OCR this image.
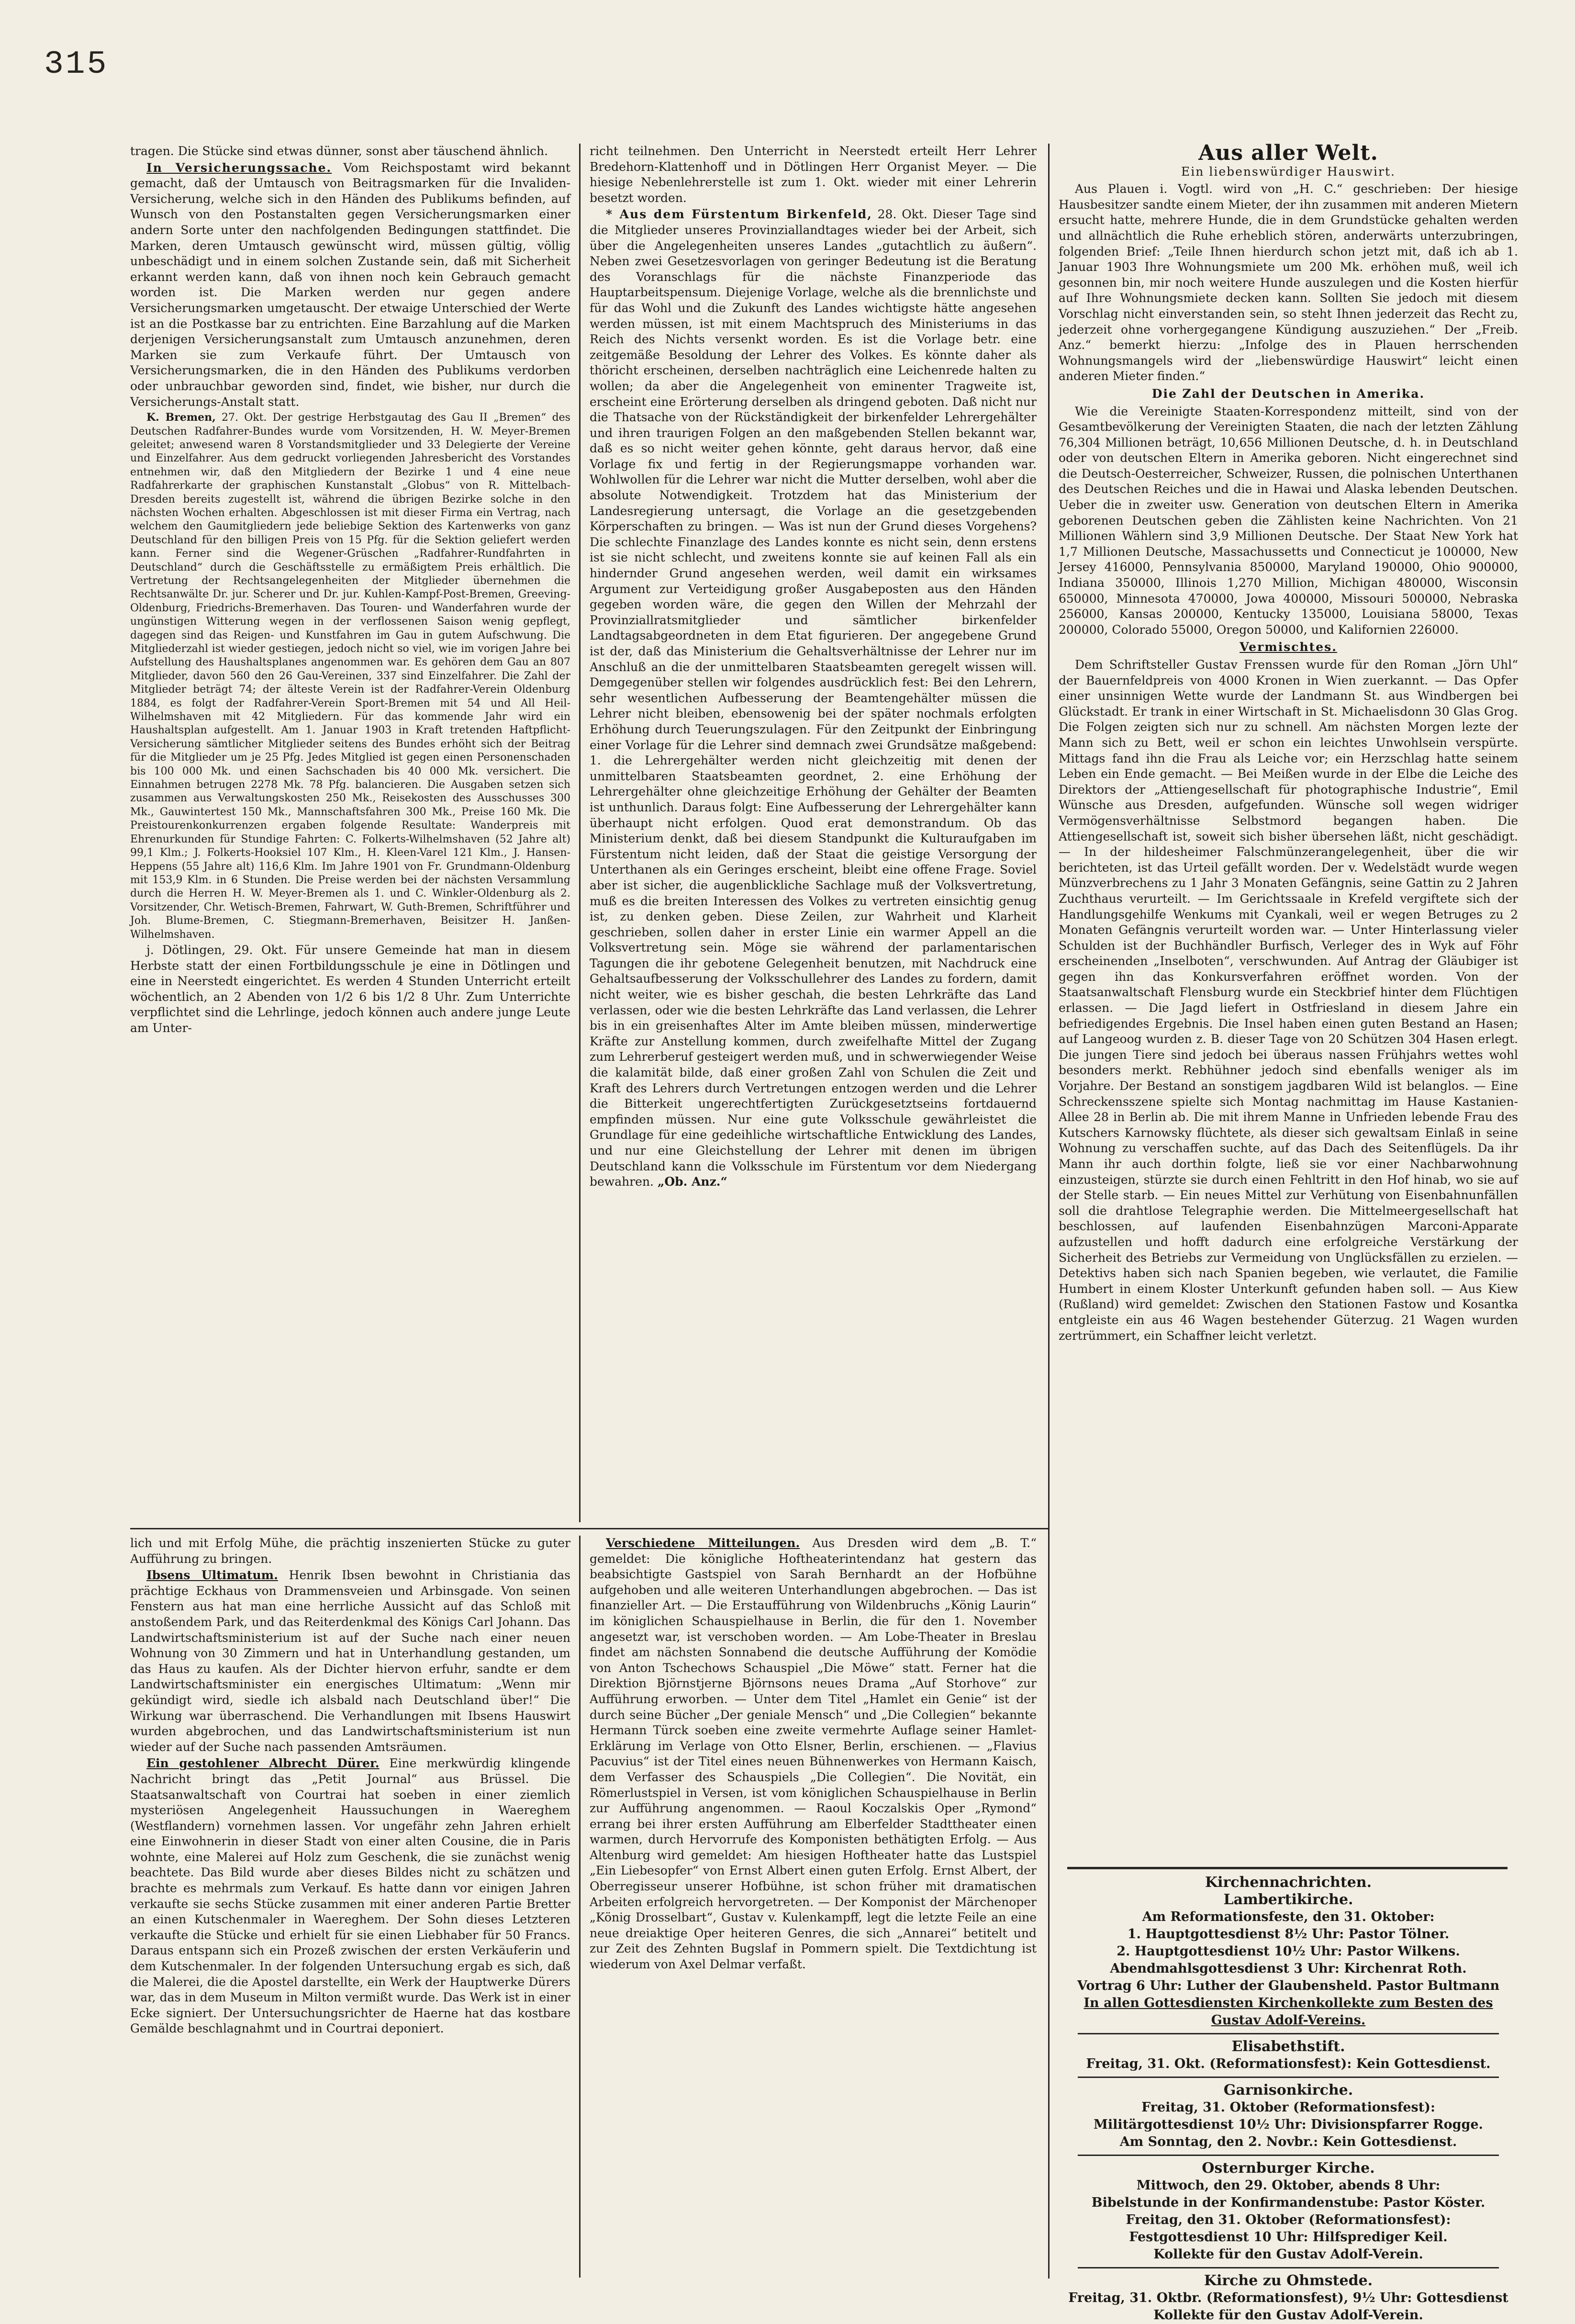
315

tragen. Die Stücke sind etwas dünner, sonst aber täuschend ähnlich.

In Versicherungssache. Vom Reichspostamt wird bekannt gemacht, daß der Umtausch von Beitragsmarken für die Invaliden-Versicherung, welche sich in den Händen des Publikums befinden, auf Wunsch von den Postanstalten gegen Versicherungsmarken einer andern Sorte unter den nachfolgenden Bedingungen stattfindet. Die Marken, deren Umtausch gewünscht wird, müssen gültig, völlig unbeschädigt und in einem solchen Zustande sein, daß mit Sicherheit erkannt werden kann, daß von ihnen noch kein Gebrauch gemacht worden ist. Die Marken werden nur gegen andere Versicherungsmarken umgetauscht. Der etwaige Unterschied der Werte ist an die Postkasse bar zu entrichten. Eine Barzahlung auf die Marken derjenigen Versicherungsanstalt zum Umtausch anzunehmen, deren Marken sie zum Verkaufe führt. Der Umtausch von Versicherungsmarken, die in den Händen des Publikums verdorben oder unbrauchbar geworden sind, findet, wie bisher, nur durch die Versicherungs-Anstalt statt.

K. Bremen, 27. Okt. Der gestrige Herbstgautag des Gau II „Bremen“ des Deutschen Radfahrer-Bundes wurde vom Vorsitzenden, H. W. Meyer-Bremen geleitet; anwesend waren 8 Vorstandsmitglieder und 33 Delegierte der Vereine und Einzelfahrer. Aus dem gedruckt vorliegenden Jahresbericht des Vorstandes entnehmen wir, daß den Mitgliedern der Bezirke 1 und 4 eine neue Radfahrerkarte der graphischen Kunstanstalt „Globus“ von R. Mittelbach-Dresden bereits zugestellt ist, während die übrigen Bezirke solche in den nächsten Wochen erhalten. Abgeschlossen ist mit dieser Firma ein Vertrag, nach welchem den Gaumitgliedern jede beliebige Sektion des Kartenwerks von ganz Deutschland für den billigen Preis von 15 Pfg. für die Sektion geliefert werden kann. Ferner sind die Wegener-Grüschen „Radfahrer-Rundfahrten in Deutschland“ durch die Geschäftsstelle zu ermäßigtem Preis erhältlich. Die Vertretung der Rechtsangelegenheiten der Mitglieder übernehmen die Rechtsanwälte Dr. jur. Scherer und Dr. jur. Kuhlen-Kampf-Post-Bremen, Greeving-Oldenburg, Friedrichs-Bremerhaven. Das Touren- und Wanderfahren wurde der ungünstigen Witterung wegen in der verflossenen Saison wenig gepflegt, dagegen sind das Reigen- und Kunstfahren im Gau in gutem Aufschwung. Die Mitgliederzahl ist wieder gestiegen, jedoch nicht so viel, wie im vorigen Jahre bei Aufstellung des Haushaltsplanes angenommen war. Es gehören dem Gau an 807 Mitglieder, davon 560 den 26 Gau-Vereinen, 337 sind Einzelfahrer. Die Zahl der Mitglieder beträgt 74; der älteste Verein ist der Radfahrer-Verein Oldenburg 1884, es folgt der Radfahrer-Verein Sport-Bremen mit 54 und All Heil-Wilhelmshaven mit 42 Mitgliedern. Für das kommende Jahr wird ein Haushaltsplan aufgestellt. Am 1. Januar 1903 in Kraft tretenden Haftpflicht-Versicherung sämtlicher Mitglieder seitens des Bundes erhöht sich der Beitrag für die Mitglieder um je 25 Pfg. Jedes Mitglied ist gegen einen Personenschaden bis 100 000 Mk. und einen Sachschaden bis 40 000 Mk. versichert. Die Einnahmen betrugen 2278 Mk. 78 Pfg. balancieren. Die Ausgaben setzen sich zusammen aus Verwaltungskosten 250 Mk., Reisekosten des Ausschusses 300 Mk., Gauwintertest 150 Mk., Mannschaftsfahren 300 Mk., Preise 160 Mk. Die Preistourenkonkurrenzen ergaben folgende Resultate: Wanderpreis mit Ehrenurkunden für Stundige Fahrten: C. Folkerts-Wilhelmshaven (52 Jahre alt) 99,1 Klm.; J. Folkerts-Hooksiel 107 Klm., H. Kleen-Varel 121 Klm., J. Hansen-Heppens (55 Jahre alt) 116,6 Klm. Im Jahre 1901 von Fr. Grundmann-Oldenburg mit 153,9 Klm. in 6 Stunden. Die Preise werden bei der nächsten Versammlung durch die Herren H. W. Meyer-Bremen als 1. und C. Winkler-Oldenburg als 2. Vorsitzender, Chr. Wetisch-Bremen, Fahrwart, W. Guth-Bremen, Schriftführer und Joh. Blume-Bremen, C. Stiegmann-Bremerhaven, Beisitzer H. Janßen-Wilhelmshaven.

j. Dötlingen, 29. Okt. Für unsere Gemeinde hat man in diesem Herbste statt der einen Fortbildungsschule je eine in Dötlingen und eine in Neerstedt eingerichtet. Es werden 4 Stunden Unterricht erteilt wöchentlich, an 2 Abenden von 1/2 6 bis 1/2 8 Uhr. Zum Unterrichte verpflichtet sind die Lehrlinge, jedoch können auch andere junge Leute am Unter-

richt teilnehmen. Den Unterricht in Neerstedt erteilt Herr Lehrer Bredehorn-Klattenhoff und in Dötlingen Herr Organist Meyer. — Die hiesige Nebenlehrerstelle ist zum 1. Okt. wieder mit einer Lehrerin besetzt worden.

* Aus dem Fürstentum Birkenfeld, 28. Okt. Dieser Tage sind die Mitglieder unseres Provinziallandtages wieder bei der Arbeit, sich über die Angelegenheiten unseres Landes „gutachtlich zu äußern“. Neben zwei Gesetzesvorlagen von geringer Bedeutung ist die Beratung des Voranschlags für die nächste Finanzperiode das Hauptarbeitspensum. Diejenige Vorlage, welche als die brennlichste und für das Wohl und die Zukunft des Landes wichtigste hätte angesehen werden müssen, ist mit einem Machtspruch des Ministeriums in das Reich des Nichts versenkt worden. Es ist die Vorlage betr. eine zeitgemäße Besoldung der Lehrer des Volkes. Es könnte daher als thöricht erscheinen, derselben nachträglich eine Leichenrede halten zu wollen; da aber die Angelegenheit von eminenter Tragweite ist, erscheint eine Erörterung derselben als dringend geboten. Daß nicht nur die Thatsache von der Rückständigkeit der birkenfelder Lehrergehälter und ihren traurigen Folgen an den maßgebenden Stellen bekannt war, daß es so nicht weiter gehen könnte, geht daraus hervor, daß eine Vorlage fix und fertig in der Regierungsmappe vorhanden war. Wohlwollen für die Lehrer war nicht die Mutter derselben, wohl aber die absolute Notwendigkeit. Trotzdem hat das Ministerium der Landesregierung untersagt, die Vorlage an die gesetzgebenden Körperschaften zu bringen. — Was ist nun der Grund dieses Vorgehens? Die schlechte Finanzlage des Landes konnte es nicht sein, denn erstens ist sie nicht schlecht, und zweitens konnte sie auf keinen Fall als ein hindernder Grund angesehen werden, weil damit ein wirksames Argument zur Verteidigung großer Ausgabeposten aus den Händen gegeben worden wäre, die gegen den Willen der Mehrzahl der Provinziallratsmitglieder und sämtlicher birkenfelder Landtagsabgeordneten in dem Etat figurieren. Der angegebene Grund ist der, daß das Ministerium die Gehaltsverhältnisse der Lehrer nur im Anschluß an die der unmittelbaren Staatsbeamten geregelt wissen will. Demgegenüber stellen wir folgendes ausdrücklich fest: Bei den Lehrern, sehr wesentlichen Aufbesserung der Beamtengehälter müssen die Lehrer nicht bleiben, ebensowenig bei der später nochmals erfolgten Erhöhung durch Teuerungszulagen. Für den Zeitpunkt der Einbringung einer Vorlage für die Lehrer sind demnach zwei Grundsätze maßgebend: 1. die Lehrergehälter werden nicht gleichzeitig mit denen der unmittelbaren Staatsbeamten geordnet, 2. eine Erhöhung der Lehrergehälter ohne gleichzeitige Erhöhung der Gehälter der Beamten ist unthunlich. Daraus folgt: Eine Aufbesserung der Lehrergehälter kann überhaupt nicht erfolgen. Quod erat demonstrandum. Ob das Ministerium denkt, daß bei diesem Standpunkt die Kulturaufgaben im Fürstentum nicht leiden, daß der Staat die geistige Versorgung der Unterthanen als ein Geringes erscheint, bleibt eine offene Frage. Soviel aber ist sicher, die augenblickliche Sachlage muß der Volksvertretung, muß es die breiten Interessen des Volkes zu vertreten einsichtig genug ist, zu denken geben. Diese Zeilen, zur Wahrheit und Klarheit geschrieben, sollen daher in erster Linie ein warmer Appell an die Volksvertretung sein. Möge sie während der parlamentarischen Tagungen die ihr gebotene Gelegenheit benutzen, mit Nachdruck eine Gehaltsaufbesserung der Volksschullehrer des Landes zu fordern, damit nicht weiter, wie es bisher geschah, die besten Lehrkräfte das Land verlassen, oder wie die besten Lehrkräfte das Land verlassen, die Lehrer bis in ein greisenhaftes Alter im Amte bleiben müssen, minderwertige Kräfte zur Anstellung kommen, durch zweifelhafte Mittel der Zugang zum Lehrerberuf gesteigert werden muß, und in schwerwiegender Weise die kalamität bilde, daß einer großen Zahl von Schulen die Zeit und Kraft des Lehrers durch Vertretungen entzogen werden und die Lehrer die Bitterkeit ungerechtfertigten Zurückgesetztseins fortdauernd empfinden müssen. Nur eine gute Volksschule gewährleistet die Grundlage für eine gedeihliche wirtschaftliche Entwicklung des Landes, und nur eine Gleichstellung der Lehrer mit denen im übrigen Deutschland kann die Volksschule im Fürstentum vor dem Niedergang bewahren. „Ob. Anz.“

Aus aller Welt.

Ein liebenswürdiger Hauswirt.

Aus Plauen i. Vogtl. wird von „H. C.“ geschrieben: Der hiesige Hausbesitzer sandte einem Mieter, der ihn zusammen mit anderen Mietern ersucht hatte, mehrere Hunde, die in dem Grundstücke gehalten werden und allnächtlich die Ruhe erheblich stören, anderwärts unterzubringen, folgenden Brief: „Teile Ihnen hierdurch schon jetzt mit, daß ich ab 1. Januar 1903 Ihre Wohnungsmiete um 200 Mk. erhöhen muß, weil ich gesonnen bin, mir noch weitere Hunde auszulegen und die Kosten hierfür auf Ihre Wohnungsmiete decken kann. Sollten Sie jedoch mit diesem Vorschlag nicht einverstanden sein, so steht Ihnen jederzeit das Recht zu, jederzeit ohne vorhergegangene Kündigung auszuziehen.“ Der „Freib. Anz.“ bemerkt hierzu: „Infolge des in Plauen herrschenden Wohnungsmangels wird der „liebenswürdige Hauswirt“ leicht einen anderen Mieter finden.“

Die Zahl der Deutschen in Amerika.

Wie die Vereinigte Staaten-Korrespondenz mitteilt, sind von der Gesamtbevölkerung der Vereinigten Staaten, die nach der letzten Zählung 76,304 Millionen beträgt, 10,656 Millionen Deutsche, d. h. in Deutschland oder von deutschen Eltern in Amerika geboren. Nicht eingerechnet sind die Deutsch-Oesterreicher, Schweizer, Russen, die polnischen Unterthanen des Deutschen Reiches und die in Hawai und Alaska lebenden Deutschen. Ueber die in zweiter usw. Generation von deutschen Eltern in Amerika geborenen Deutschen geben die Zählisten keine Nachrichten. Von 21 Millionen Wählern sind 3,9 Millionen Deutsche. Der Staat New York hat 1,7 Millionen Deutsche, Massachussetts und Connecticut je 100000, New Jersey 416000, Pennsylvania 850000, Maryland 190000, Ohio 900000, Indiana 350000, Illinois 1,270 Million, Michigan 480000, Wisconsin 650000, Minnesota 470000, Jowa 400000, Missouri 500000, Nebraska 256000, Kansas 200000, Kentucky 135000, Louisiana 58000, Texas 200000, Colorado 55000, Oregon 50000, und Kalifornien 226000.

Vermischtes.

Dem Schriftsteller Gustav Frenssen wurde für den Roman „Jörn Uhl“ der Bauernfeldpreis von 4000 Kronen in Wien zuerkannt. — Das Opfer einer unsinnigen Wette wurde der Landmann St. aus Windbergen bei Glückstadt. Er trank in einer Wirtschaft in St. Michaelisdonn 30 Glas Grog. Die Folgen zeigten sich nur zu schnell. Am nächsten Morgen lezte der Mann sich zu Bett, weil er schon ein leichtes Unwohlsein verspürte. Mittags fand ihn die Frau als Leiche vor; ein Herzschlag hatte seinem Leben ein Ende gemacht. — Bei Meißen wurde in der Elbe die Leiche des Direktors der „Attiengesellschaft für photographische Industrie“, Emil Wünsche aus Dresden, aufgefunden. Wünsche soll wegen widriger Vermögensverhältnisse Selbstmord begangen haben. Die Attiengesellschaft ist, soweit sich bisher übersehen läßt, nicht geschädigt. — In der hildesheimer Falschmünzerangelegenheit, über die wir berichteten, ist das Urteil gefällt worden. Der v. Wedelstädt wurde wegen Münzverbrechens zu 1 Jahr 3 Monaten Gefängnis, seine Gattin zu 2 Jahren Zuchthaus verurteilt. — Im Gerichtssaale in Krefeld vergiftete sich der Handlungsgehilfe Wenkums mit Cyankali, weil er wegen Betruges zu 2 Monaten Gefängnis verurteilt worden war. — Unter Hinterlassung vieler Schulden ist der Buchhändler Burfisch, Verleger des in Wyk auf Föhr erscheinenden „Inselboten“, verschwunden. Auf Antrag der Gläubiger ist gegen ihn das Konkursverfahren eröffnet worden. Von der Staatsanwaltschaft Flensburg wurde ein Steckbrief hinter dem Flüchtigen erlassen. — Die Jagd liefert in Ostfriesland in diesem Jahre ein befriedigendes Ergebnis. Die Insel haben einen guten Bestand an Hasen; auf Langeoog wurden z. B. dieser Tage von 20 Schützen 304 Hasen erlegt. Die jungen Tiere sind jedoch bei überaus nassen Frühjahrs wettes wohl besonders merkt. Rebhühner jedoch sind ebenfalls weniger als im Vorjahre. Der Bestand an sonstigem jagdbaren Wild ist belanglos. — Eine Schreckensszene spielte sich Montag nachmittag im Hause Kastanien-Allee 28 in Berlin ab. Die mit ihrem Manne in Unfrieden lebende Frau des Kutschers Karnowsky flüchtete, als dieser sich gewaltsam Einlaß in seine Wohnung zu verschaffen suchte, auf das Dach des Seitenflügels. Da ihr Mann ihr auch dorthin folgte, ließ sie vor einer Nachbarwohnung einzusteigen, stürzte sie durch einen Fehltritt in den Hof hinab, wo sie auf der Stelle starb. — Ein neues Mittel zur Verhütung von Eisenbahnunfällen soll die drahtlose Telegraphie werden. Die Mittelmeergesellschaft hat beschlossen, auf laufenden Eisenbahnzügen Marconi-Apparate aufzustellen und hofft dadurch eine erfolgreiche Verstärkung der Sicherheit des Betriebs zur Vermeidung von Unglücksfällen zu erzielen. — Detektivs haben sich nach Spanien begeben, wie verlautet, die Familie Humbert in einem Kloster Unterkunft gefunden haben soll. — Aus Kiew (Rußland) wird gemeldet: Zwischen den Stationen Fastow und Kosantka entgleiste ein aus 46 Wagen bestehender Güterzug. 21 Wagen wurden zertrümmert, ein Schaffner leicht verletzt.

lich und mit Erfolg Mühe, die prächtig inszenierten Stücke zu guter Aufführung zu bringen.

Ibsens Ultimatum. Henrik Ibsen bewohnt in Christiania das prächtige Eckhaus von Drammensveien und Arbinsgade. Von seinen Fenstern aus hat man eine herrliche Aussicht auf das Schloß mit anstoßendem Park, und das Reiterdenkmal des Königs Carl Johann. Das Landwirtschaftsministerium ist auf der Suche nach einer neuen Wohnung von 30 Zimmern und hat in Unterhandlung gestanden, um das Haus zu kaufen. Als der Dichter hiervon erfuhr, sandte er dem Landwirtschaftsminister ein energisches Ultimatum: „Wenn mir gekündigt wird, siedle ich alsbald nach Deutschland über!“ Die Wirkung war überraschend. Die Verhandlungen mit Ibsens Hauswirt wurden abgebrochen, und das Landwirtschaftsministerium ist nun wieder auf der Suche nach passenden Amtsräumen.

Ein gestohlener Albrecht Dürer. Eine merkwürdig klingende Nachricht bringt das „Petit Journal“ aus Brüssel. Die Staatsanwaltschaft von Courtrai hat soeben in einer ziemlich mysteriösen Angelegenheit Haussuchungen in Waereghem (Westflandern) vornehmen lassen. Vor ungefähr zehn Jahren erhielt eine Einwohnerin in dieser Stadt von einer alten Cousine, die in Paris wohnte, eine Malerei auf Holz zum Geschenk, die sie zunächst wenig beachtete. Das Bild wurde aber dieses Bildes nicht zu schätzen und brachte es mehrmals zum Verkauf. Es hatte dann vor einigen Jahren verkaufte sie sechs Stücke zusammen mit einer anderen Partie Bretter an einen Kutschenmaler in Waereghem. Der Sohn dieses Letzteren verkaufte die Stücke und erhielt für sie einen Liebhaber für 50 Francs. Daraus entspann sich ein Prozeß zwischen der ersten Verkäuferin und dem Kutschenmaler. In der folgenden Untersuchung ergab es sich, daß die Malerei, die die Apostel darstellte, ein Werk der Hauptwerke Dürers war, das in dem Museum in Milton vermißt wurde. Das Werk ist in einer Ecke signiert. Der Untersuchungsrichter de Haerne hat das kostbare Gemälde beschlagnahmt und in Courtrai deponiert.

Verschiedene Mitteilungen. Aus Dresden wird dem „B. T.“ gemeldet: Die königliche Hoftheaterintendanz hat gestern das beabsichtigte Gastspiel von Sarah Bernhardt an der Hofbühne aufgehoben und alle weiteren Unterhandlungen abgebrochen. — Das ist finanzieller Art. — Die Erstaufführung von Wildenbruchs „König Laurin“ im königlichen Schauspielhause in Berlin, die für den 1. November angesetzt war, ist verschoben worden. — Am Lobe-Theater in Breslau findet am nächsten Sonnabend die deutsche Aufführung der Komödie von Anton Tschechows Schauspiel „Die Möwe“ statt. Ferner hat die Direktion Björnstjerne Björnsons neues Drama „Auf Storhove“ zur Aufführung erworben. — Unter dem Titel „Hamlet ein Genie“ ist der durch seine Bücher „Der geniale Mensch“ und „Die Collegien“ bekannte Hermann Türck soeben eine zweite vermehrte Auflage seiner Hamlet-Erklärung im Verlage von Otto Elsner, Berlin, erschienen. — „Flavius Pacuvius“ ist der Titel eines neuen Bühnenwerkes von Hermann Kaisch, dem Verfasser des Schauspiels „Die Collegien“. Die Novität, ein Römerlustspiel in Versen, ist vom königlichen Schauspielhause in Berlin zur Aufführung angenommen. — Raoul Koczalskis Oper „Rymond“ errang bei ihrer ersten Aufführung am Elberfelder Stadttheater einen warmen, durch Hervorrufe des Komponisten bethätigten Erfolg. — Aus Altenburg wird gemeldet: Am hiesigen Hoftheater hatte das Lustspiel „Ein Liebesopfer“ von Ernst Albert einen guten Erfolg. Ernst Albert, der Oberregisseur unserer Hofbühne, ist schon früher mit dramatischen Arbeiten erfolgreich hervorgetreten. — Der Komponist der Märchenoper „König Drosselbart“, Gustav v. Kulenkampff, legt die letzte Feile an eine neue dreiaktige Oper heiteren Genres, die sich „Annarei“ betitelt und zur Zeit des Zehnten Bugslaf in Pommern spielt. Die Textdichtung ist wiederum von Axel Delmar verfaßt.

Kirchennachrichten.
Lambertikirche.
Am Reformationsfeste, den 31. Oktober:
1. Hauptgottesdienst 8½ Uhr: Pastor Tölner.
2. Hauptgottesdienst 10½ Uhr: Pastor Wilkens.
Abendmahlsgottesdienst 3 Uhr: Kirchenrat Roth.
Vortrag 6 Uhr: Luther der Glaubensheld. Pastor Bultmann
In allen Gottesdiensten Kirchenkollekte zum Besten des Gustav Adolf-Vereins.
Elisabethstift.
Freitag, 31. Okt. (Reformationsfest): Kein Gottesdienst.
Garnisonkirche.
Freitag, 31. Oktober (Reformationsfest):
Militärgottesdienst 10½ Uhr: Divisionspfarrer Rogge.
Am Sonntag, den 2. Novbr.: Kein Gottesdienst.
Osternburger Kirche.
Mittwoch, den 29. Oktober, abends 8 Uhr:
Bibelstunde in der Konfirmandenstube: Pastor Köster.
Freitag, den 31. Oktober (Reformationsfest):
Festgottesdienst 10 Uhr: Hilfsprediger Keil.
Kollekte für den Gustav Adolf-Verein.
Kirche zu Ohmstede.
Freitag, 31. Oktbr. (Reformationsfest), 9½ Uhr: Gottesdienst
Kollekte für den Gustav Adolf-Verein.
